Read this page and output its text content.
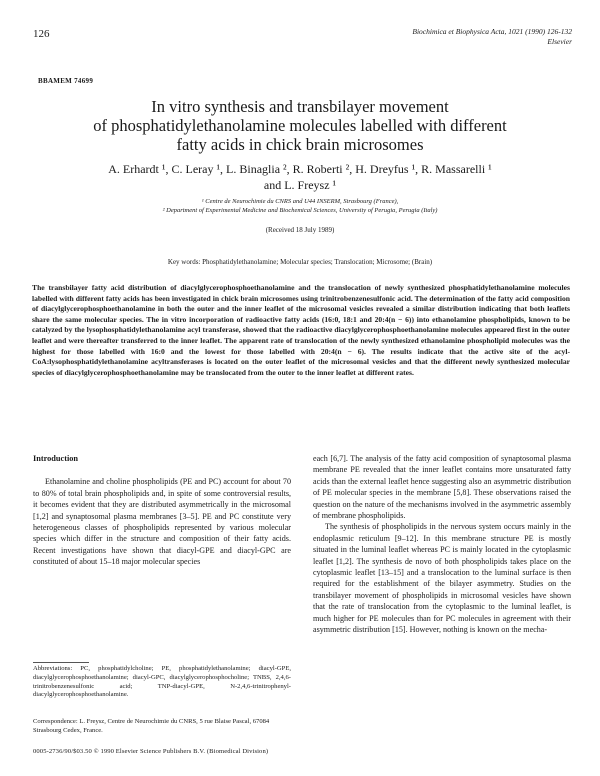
126	Biochimica et Biophysica Acta, 1021 (1990) 126-132
Elsevier
BBAMEM 74699
In vitro synthesis and transbilayer movement
of phosphatidylethanolamine molecules labelled with different
fatty acids in chick brain microsomes
A. Erhardt ¹, C. Leray ¹, L. Binaglia ², R. Roberti ², H. Dreyfus ¹, R. Massarelli ¹
and L. Freysz ¹
¹ Centre de Neurochimie du CNRS and U44 INSERM, Strasbourg (France),
² Department of Experimental Medicine and Biochemical Sciences, University of Perugia, Perugia (Italy)
(Received 18 July 1989)
Key words: Phosphatidylethanolamine; Molecular species; Translocation; Microsome; (Brain)
The transbilayer fatty acid distribution of diacylglycerophosphoethanolamine and the translocation of newly synthesized phosphatidylethanolamine molecules labelled with different fatty acids has been investigated in chick brain microsomes using trinitrobenzenesulfonic acid. The determination of the fatty acid composition of diacylglycerophosphoethanolamine in both the outer and the inner leaflet of the microsomal vesicles revealed a similar distribution indicating that both leaflets share the same molecular species. The in vitro incorporation of radioactive fatty acids (16:0, 18:1 and 20:4(n − 6)) into ethanolamine phospholipids, known to be catalyzed by the lysophosphatidylethanolamine acyl transferase, showed that the radioactive diacylglycerophosphoethanolamine molecules appeared first in the outer leaflet and were thereafter transferred to the inner leaflet. The apparent rate of translocation of the newly synthesized ethanolamine phospholipid molecules was the highest for those labelled with 16:0 and the lowest for those labelled with 20:4(n − 6). The results indicate that the active site of the acyl-CoA:lysophosphatidylethanolamine acyltransferases is located on the outer leaflet of the microsomal vesicles and that the different newly synthesized molecular species of diacylglycerophosphoethanolamine may be translocated from the outer to the inner leaflet at different rates.
Introduction

Ethanolamine and choline phospholipids (PE and PC) account for about 70 to 80% of total brain phospholipids and, in spite of some controversial results, it becomes evident that they are distributed asymmetrically in the microsomal [1,2] and synaptosomal plasma membranes [3–5]. PE and PC constitute very heterogeneous classes of phospholipids represented by various molecular species which differ in the structure and composition of their fatty acids. Recent investigations have shown that diacyl-GPE and diacyl-GPC are constituted of about 15–18 major molecular species

each [6,7]. The analysis of the fatty acid composition of synaptosomal plasma membrane PE revealed that the inner leaflet contains more unsaturated fatty acids than the external leaflet hence suggesting also an asymmetric distribution of PE molecular species in the membrane [5,8]. These observations raised the question on the nature of the mechanisms involved in the asymmetric assembly of membrane phospholipids.

The synthesis of phospholipids in the nervous system occurs mainly in the endoplasmic reticulum [9–12]. In this membrane structure PE is mostly situated in the luminal leaflet whereas PC is mainly located in the cytoplasmic leaflet [1,2]. The synthesis de novo of both phospholipids takes place on the cytoplasmic leaflet [13–15] and a translocation to the luminal surface is then required for the establishment of the bilayer asymmetry. Studies on the transbilayer movement of phospholipids in microsomal vesicles have shown that the rate of translocation from the cytoplasmic to the luminal leaflet, is much higher for PE molecules than for PC molecules in agreement with their asymmetric distribution [15]. However, nothing is known on the mecha-

Abbreviations: PC, phosphatidylcholine; PE, phosphatidylethanolamine; diacyl-GPE, diacylglycerophosphoethanolamine; diacyl-GPC, diacylglycerophosphocholine; TNBS, 2,4,6-trinitrobenzenesulfonic acid; TNP-diacyl-GPE, N-2,4,6-trinitrophenyl-diacylglycerophosphoethanolamine.
Correspondence: L. Freysz, Centre de Neurochimie du CNRS, 5 rue Blaise Pascal, 67084 Strasbourg Cedex, France.
0005-2736/90/$03.50 © 1990 Elsevier Science Publishers B.V. (Biomedical Division)
